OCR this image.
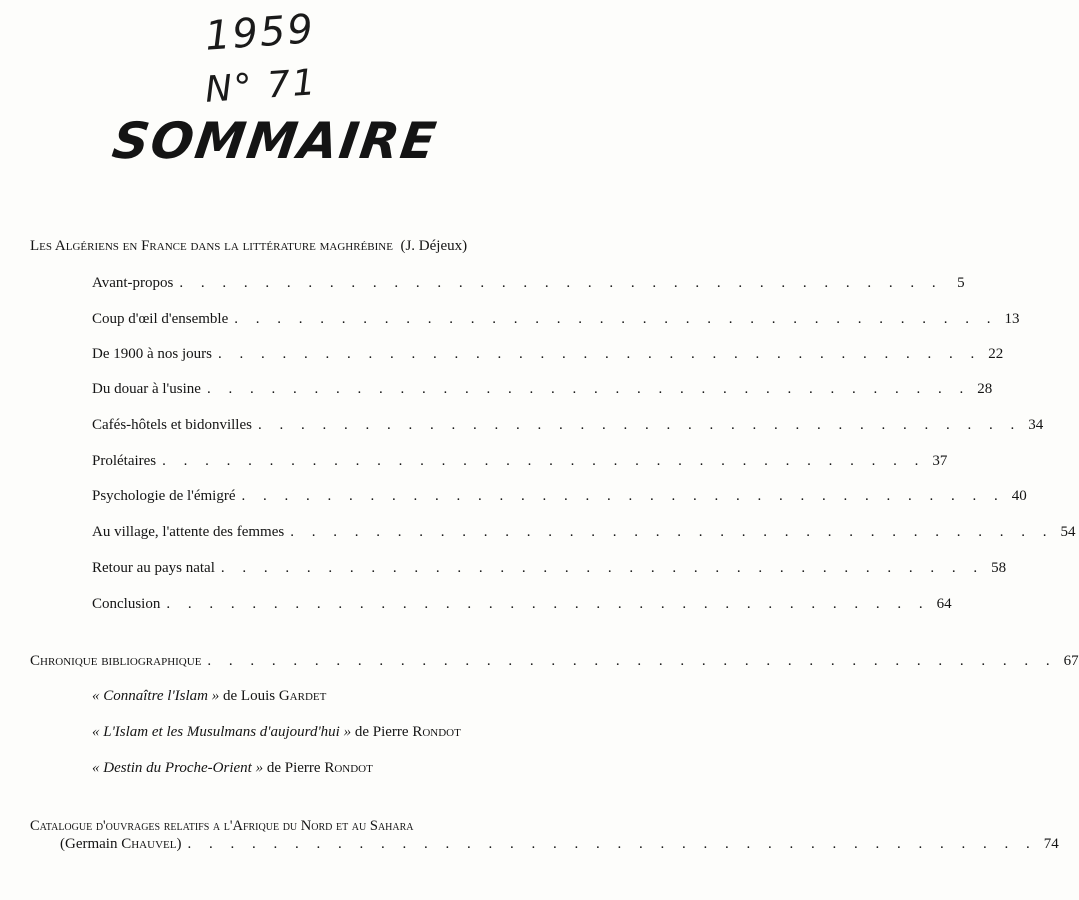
1959
N° 71
SOMMAIRE
Les Algériens en France dans la littérature maghrébine (J. Déjeux)
Avant-propos . . . . . . . . . . . . . . . . . . . . . . . . . . . . . . . . . . . . 5
Coup d'œil d'ensemble . . . . . . . . . . . . . . . . . . . . . . . . . . . . . . . . . . . . 13
De 1900 à nos jours . . . . . . . . . . . . . . . . . . . . . . . . . . . . . . . . . . . . 22
Du douar à l'usine . . . . . . . . . . . . . . . . . . . . . . . . . . . . . . . . . . . . 28
Cafés-hôtels et bidonvilles . . . . . . . . . . . . . . . . . . . . . . . . . . . . . . . . . . . . 34
Prolétaires . . . . . . . . . . . . . . . . . . . . . . . . . . . . . . . . . . . . 37
Psychologie de l'émigré . . . . . . . . . . . . . . . . . . . . . . . . . . . . . . . . . . . . 40
Au village, l'attente des femmes . . . . . . . . . . . . . . . . . . . . . . . . . . . . . . . . . . . . 54
Retour au pays natal . . . . . . . . . . . . . . . . . . . . . . . . . . . . . . . . . . . . 58
Conclusion . . . . . . . . . . . . . . . . . . . . . . . . . . . . . . . . . . . . 64
Chronique bibliographique . . . . . . . . . . . . . . . . . . . . . . . . . . . . . . . . . . . . . . . . 67
« Connaître l'Islam » de Louis Gardet
« L'Islam et les Musulmans d'aujourd'hui » de Pierre Rondot
« Destin du Proche-Orient » de Pierre Rondot
Catalogue d'ouvrages relatifs a l'Afrique du Nord et au Sahara
(Germain Chauvel) . . . . . . . . . . . . . . . . . . . . . . . . . . . . . . . . . . . . . . . . 74
